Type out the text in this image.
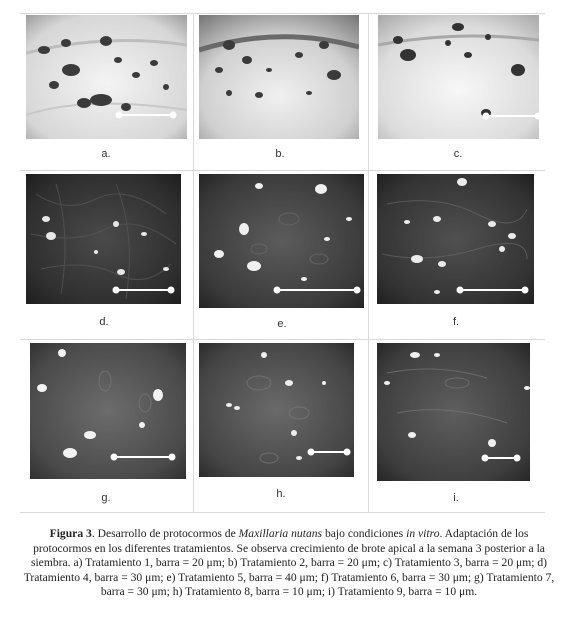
a.	b.	c.
d.	e.	f.
g.	h.	i.
Figura 3. Desarrollo de protocormos de Maxillaria nutans bajo condiciones in vitro. Adaptación de los protocormos en los diferentes tratamientos. Se observa crecimiento de brote apical a la semana 3 posterior a la siembra. a) Tratamiento 1, barra = 20 μm; b) Tratamiento 2, barra = 20 μm; c) Tratamiento 3, barra = 20 μm; d) Tratamiento 4, barra = 30 μm; e) Tratamiento 5, barra = 40 μm; f) Tratamiento 6, barra = 30 μm; g) Tratamiento 7, barra = 30 μm; h) Tratamiento 8, barra = 10 μm; i) Tratamiento 9, barra = 10 μm.
